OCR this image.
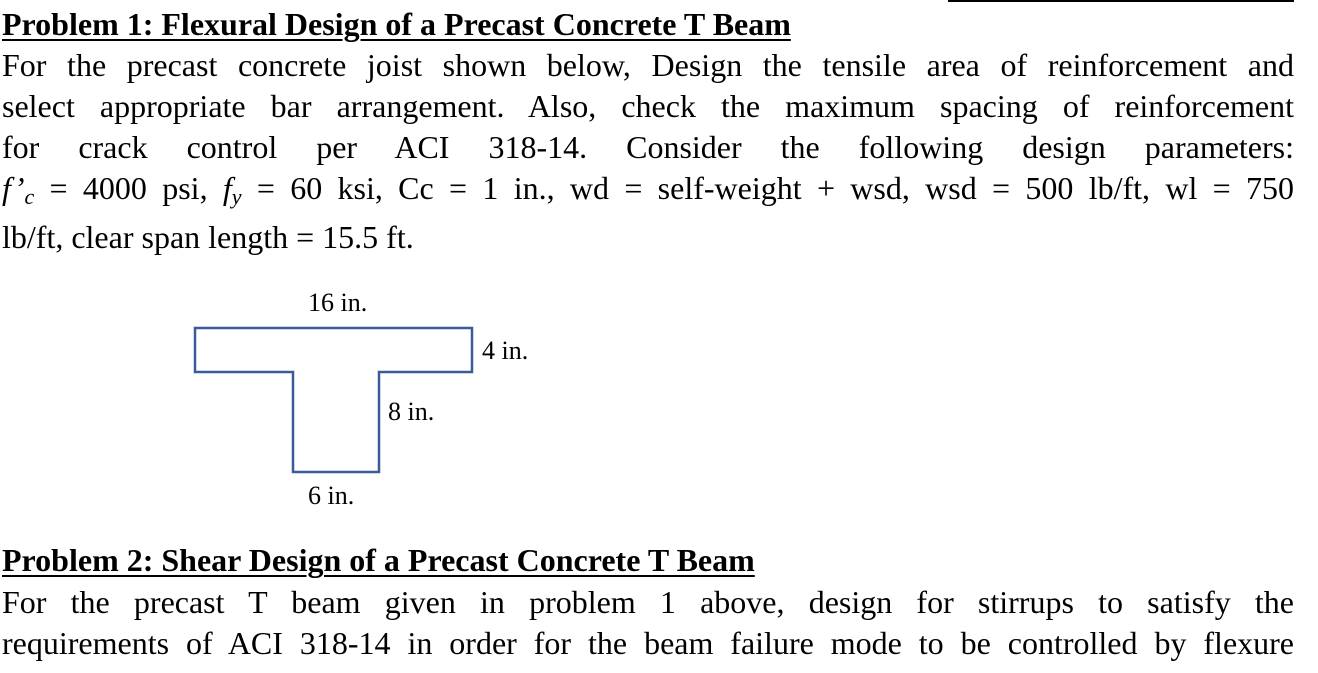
Problem 1: Flexural Design of a Precast Concrete T Beam
For the precast concrete joist shown below, Design the tensile area of reinforcement and
select appropriate bar arrangement. Also, check the maximum spacing of reinforcement
for crack control per ACI 318-14. Consider the following design parameters:
$f’_c = 4000$ psi, $f_y = 60$ ksi, Cc = 1 in., wd = self-weight + wsd, wsd = 500 lb/ft, wl = 750
lb/ft, clear span length = 15.5 ft.
16 in.
4 in.
8 in.
6 in.
Problem 2: Shear Design of a Precast Concrete T Beam
For the precast T beam given in problem 1 above, design for stirrups to satisfy the
requirements of ACI 318-14 in order for the beam failure mode to be controlled by flexure
